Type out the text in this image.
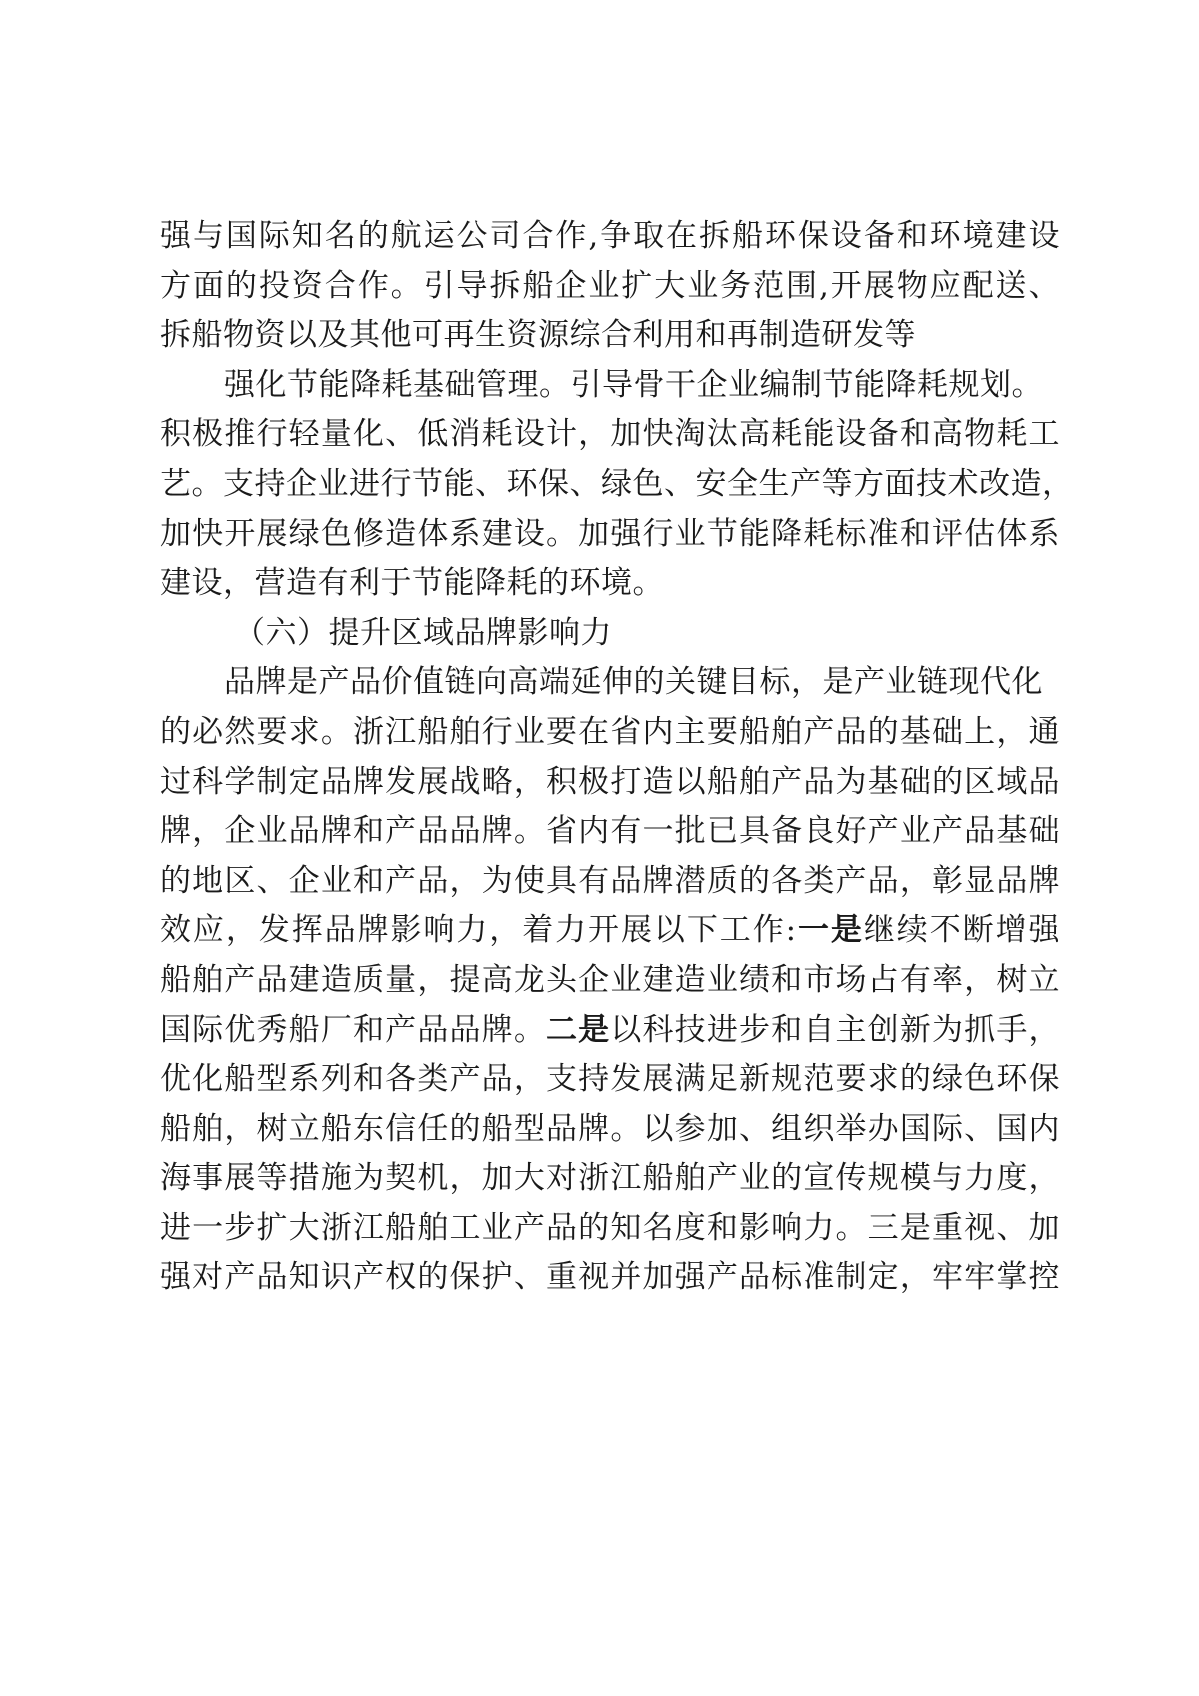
强与国际知名的航运公司合作,争取在拆船环保设备和环境建设
方面的投资合作。引导拆船企业扩大业务范围,开展物应配送、
拆船物资以及其他可再生资源综合利用和再制造研发等
强化节能降耗基础管理。引导骨干企业编制节能降耗规划。
积极推行轻量化、低消耗设计，加快淘汰高耗能设备和高物耗工
艺。支持企业进行节能、环保、绿色、安全生产等方面技术改造，
加快开展绿色修造体系建设。加强行业节能降耗标准和评估体系
建设，营造有利于节能降耗的环境。
（六）提升区域品牌影响力
品牌是产品价值链向高端延伸的关键目标，是产业链现代化
的必然要求。浙江船舶行业要在省内主要船舶产品的基础上，通
过科学制定品牌发展战略，积极打造以船舶产品为基础的区域品
牌，企业品牌和产品品牌。省内有一批已具备良好产业产品基础
的地区、企业和产品，为使具有品牌潜质的各类产品，彰显品牌
效应，发挥品牌影响力，着力开展以下工作:一是继续不断增强
船舶产品建造质量，提高龙头企业建造业绩和市场占有率，树立
国际优秀船厂和产品品牌。二是以科技进步和自主创新为抓手，
优化船型系列和各类产品，支持发展满足新规范要求的绿色环保
船舶，树立船东信任的船型品牌。以参加、组织举办国际、国内
海事展等措施为契机，加大对浙江船舶产业的宣传规模与力度，
进一步扩大浙江船舶工业产品的知名度和影响力。三是重视、加
强对产品知识产权的保护、重视并加强产品标准制定，牢牢掌控
